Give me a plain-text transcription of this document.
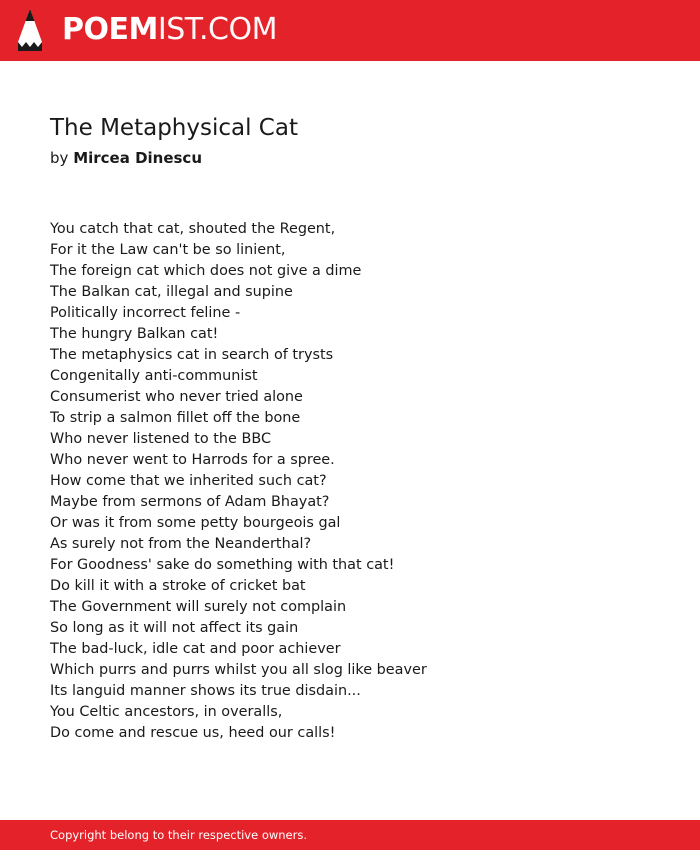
POEMIST.COM
The Metaphysical Cat
by Mircea Dinescu
You catch that cat, shouted the Regent,
For it the Law can't be so linient,
The foreign cat which does not give a dime
The Balkan cat, illegal and supine
Politically incorrect feline -
The hungry Balkan cat!
The metaphysics cat in search of trysts
Congenitally anti-communist
Consumerist who never tried alone
To strip a salmon fillet off the bone
Who never listened to the BBC
Who never went to Harrods for a spree.
How come that we inherited such cat?
Maybe from sermons of Adam Bhayat?
Or was it from some petty bourgeois gal
As surely not from the Neanderthal?
For Goodness' sake do something with that cat!
Do kill it with a stroke of cricket bat
The Government will surely not complain
So long as it will not affect its gain
The bad-luck, idle cat and poor achiever
Which purrs and purrs whilst you all slog like beaver
Its languid manner shows its true disdain...
You Celtic ancestors, in overalls,
Do come and rescue us, heed our calls!
Copyright belong to their respective owners.
